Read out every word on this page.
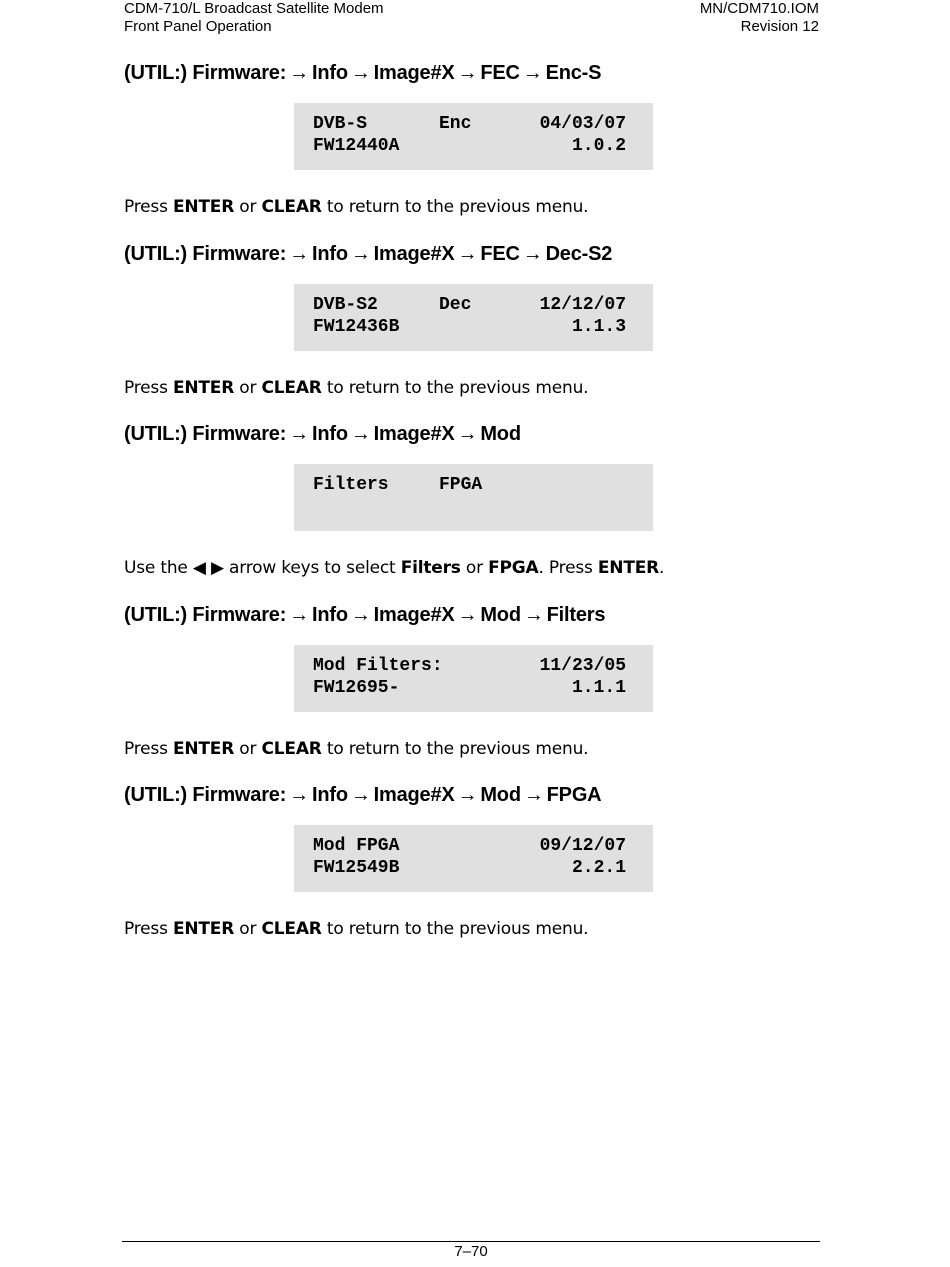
CDM-710/L Broadcast Satellite Modem
Front Panel Operation
MN/CDM710.IOM
Revision 12
(UTIL:) Firmware: → Info → Image#X → FEC → Enc-S
DVB-S	Enc	04/03/07
FW12440A	1.0.2
Press ENTER or CLEAR to return to the previous menu.
(UTIL:) Firmware: → Info → Image#X → FEC → Dec-S2
DVB-S2	Dec	12/12/07
FW12436B	1.1.3
Press ENTER or CLEAR to return to the previous menu.
(UTIL:) Firmware: → Info → Image#X → Mod
Filters	FPGA
Use the ◀ ▶ arrow keys to select Filters or FPGA. Press ENTER.
(UTIL:) Firmware: → Info → Image#X → Mod → Filters
Mod Filters:	11/23/05
FW12695-	1.1.1
Press ENTER or CLEAR to return to the previous menu.
(UTIL:) Firmware: → Info → Image#X → Mod → FPGA
Mod FPGA	09/12/07
FW12549B	2.2.1
Press ENTER or CLEAR to return to the previous menu.
7–70
